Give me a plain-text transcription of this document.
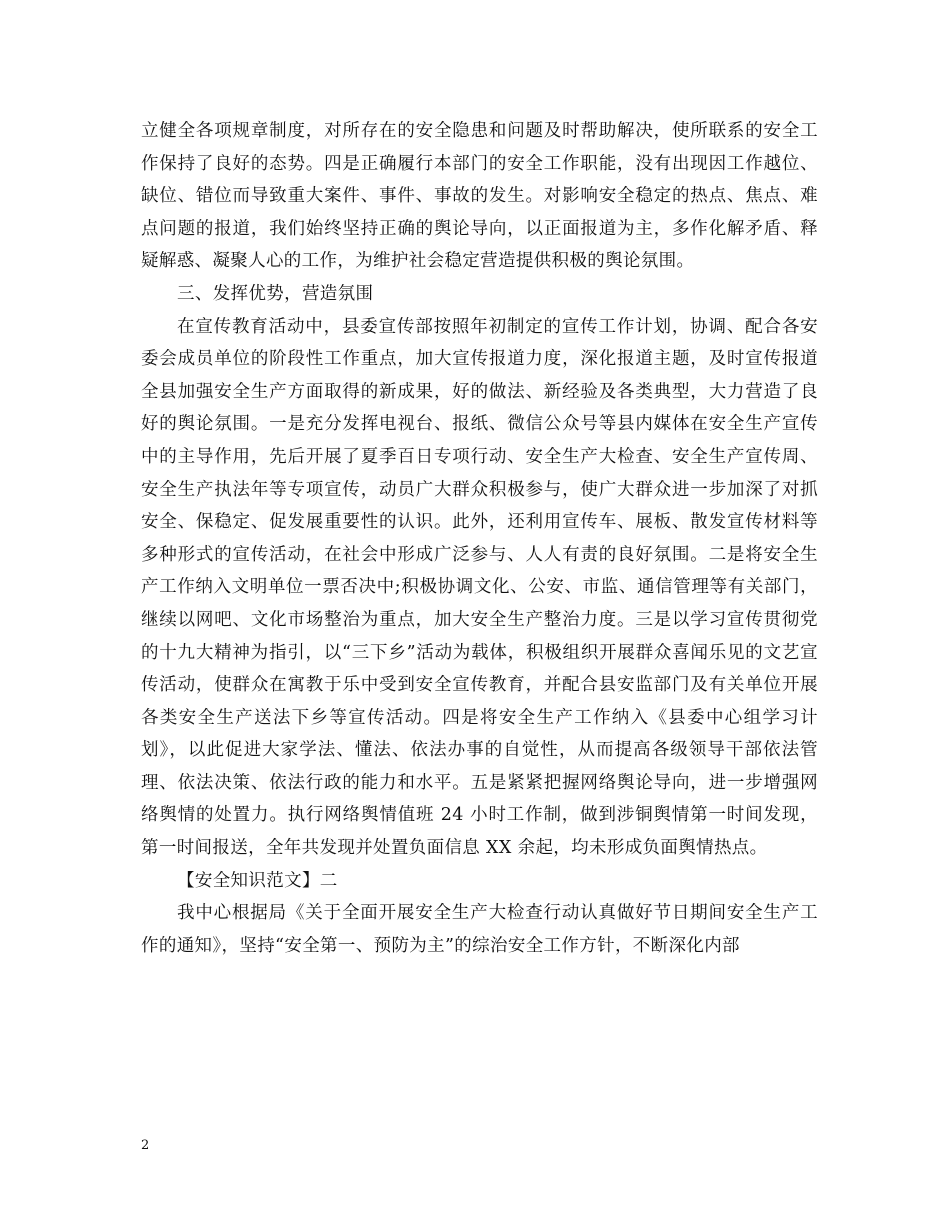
立健全各项规章制度，对所存在的安全隐患和问题及时帮助解决，使所联系的安全工作保持了良好的态势。四是正确履行本部门的安全工作职能，没有出现因工作越位、缺位、错位而导致重大案件、事件、事故的发生。对影响安全稳定的热点、焦点、难点问题的报道，我们始终坚持正确的舆论导向，以正面报道为主，多作化解矛盾、释疑解惑、凝聚人心的工作，为维护社会稳定营造提供积极的舆论氛围。

三、发挥优势，营造氛围

在宣传教育活动中，县委宣传部按照年初制定的宣传工作计划，协调、配合各安委会成员单位的阶段性工作重点，加大宣传报道力度，深化报道主题，及时宣传报道全县加强安全生产方面取得的新成果，好的做法、新经验及各类典型，大力营造了良好的舆论氛围。一是充分发挥电视台、报纸、微信公众号等县内媒体在安全生产宣传中的主导作用，先后开展了夏季百日专项行动、安全生产大检查、安全生产宣传周、安全生产执法年等专项宣传，动员广大群众积极参与，使广大群众进一步加深了对抓安全、保稳定、促发展重要性的认识。此外，还利用宣传车、展板、散发宣传材料等多种形式的宣传活动，在社会中形成广泛参与、人人有责的良好氛围。二是将安全生产工作纳入文明单位一票否决中;积极协调文化、公安、市监、通信管理等有关部门，继续以网吧、文化市场整治为重点，加大安全生产整治力度。三是以学习宣传贯彻党的十九大精神为指引，以“三下乡”活动为载体，积极组织开展群众喜闻乐见的文艺宣传活动，使群众在寓教于乐中受到安全宣传教育，并配合县安监部门及有关单位开展各类安全生产送法下乡等宣传活动。四是将安全生产工作纳入《县委中心组学习计划》，以此促进大家学法、懂法、依法办事的自觉性，从而提高各级领导干部依法管理、依法决策、依法行政的能力和水平。五是紧紧把握网络舆论导向，进一步增强网络舆情的处置力。执行网络舆情值班 24 小时工作制，做到涉铜舆情第一时间发现，第一时间报送，全年共发现并处置负面信息 XX 余起，均未形成负面舆情热点。

【安全知识范文】二

我中心根据局《关于全面开展安全生产大检查行动认真做好节日期间安全生产工作的通知》，坚持“安全第一、预防为主”的综治安全工作方针，不断深化内部

2
